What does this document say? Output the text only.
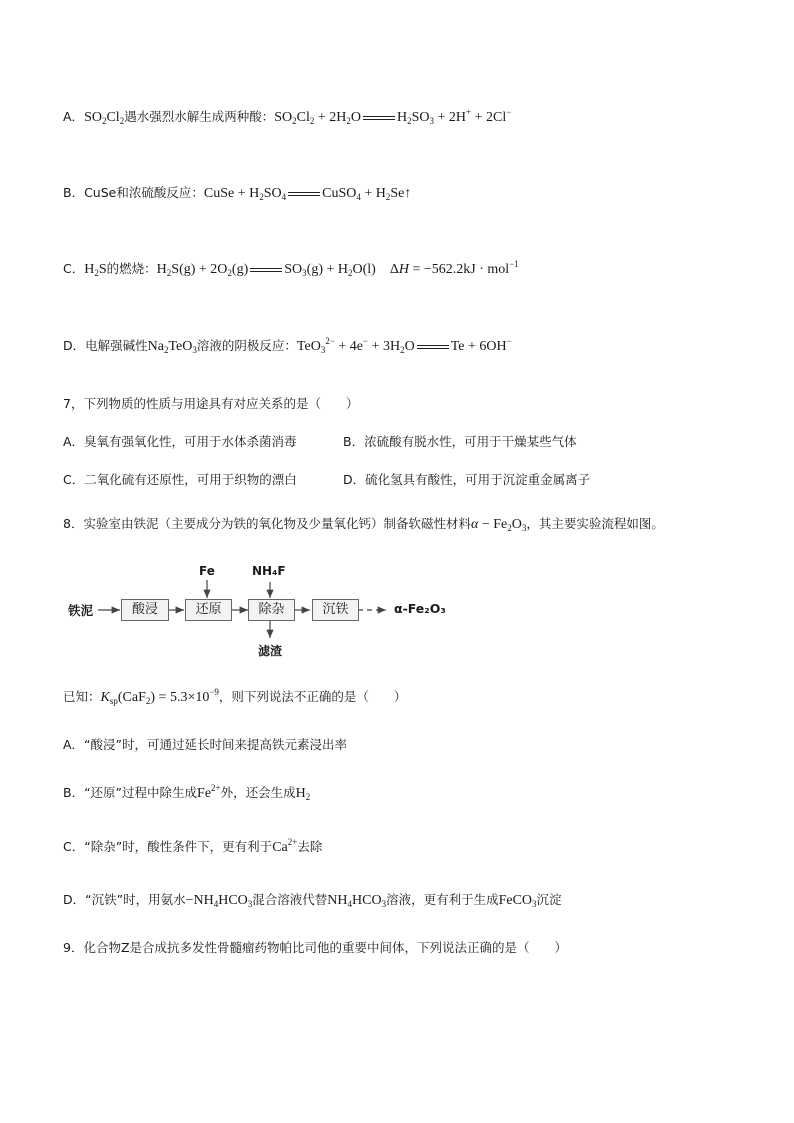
A．$SO_2Cl_2$遇水强烈水解生成两种酸：$SO_2Cl_2 + 2H_2O$	$H_2SO_3 + 2H^+ + 2Cl^-$
B．CuSe和浓硫酸反应：CuSe + $H_2SO_4$	CuSO$_4$ + $H_2Se↑$
C．$H_2S$的燃烧：$H_2S(g) + 2O_2(g)$	$SO_3(g) + H_2O(l) \Delta H = -562.2kJ \cdot mol^{-1}$
D．电解强碱性$Na_2TeO_3$溶液的阴极反应：$TeO_3^{2-} + 4e^- + 3H_2O$	Te + 6OH−
7，下列物质的性质与用途具有对应关系的是（　　）
A．臭氧有强氧化性，可用于水体杀菌消毒	B．浓硫酸有脱水性，可用于干燥某些气体
C．二氧化硫有还原性，可用于织物的漂白	D．硫化氢具有酸性，可用于沉淀重金属离子
8．实验室由铁泥（主要成分为铁的氧化物及少量氧化钙）制备软磁性材料$\alpha - Fe_2O_3$，其主要实验流程如图。
铁泥	酸浸	还原	除杂	沉铁
Fe	NH₄F
滤渣
α-Fe₂O₃
已知：$K_{sp}(CaF_2) = 5.3\times 10^{-9}$，则下列说法不正确的是（　　）
A．“酸浸”时，可通过延长时间来提高铁元素浸出率
B．“还原”过程中除生成$Fe^{2+}$外，还会生成$H_2$
C．“除杂”时，酸性条件下，更有利于$Ca^{2+}$去除
D．“沉铁”时，用氨水$-NH_4HCO_3$混合溶液代替$NH_4HCO_3$溶液，更有利于生成FeCO$_3$沉淀
9．化合物Z是合成抗多发性骨髓瘤药物帕比司他的重要中间体，下列说法正确的是（　　）
